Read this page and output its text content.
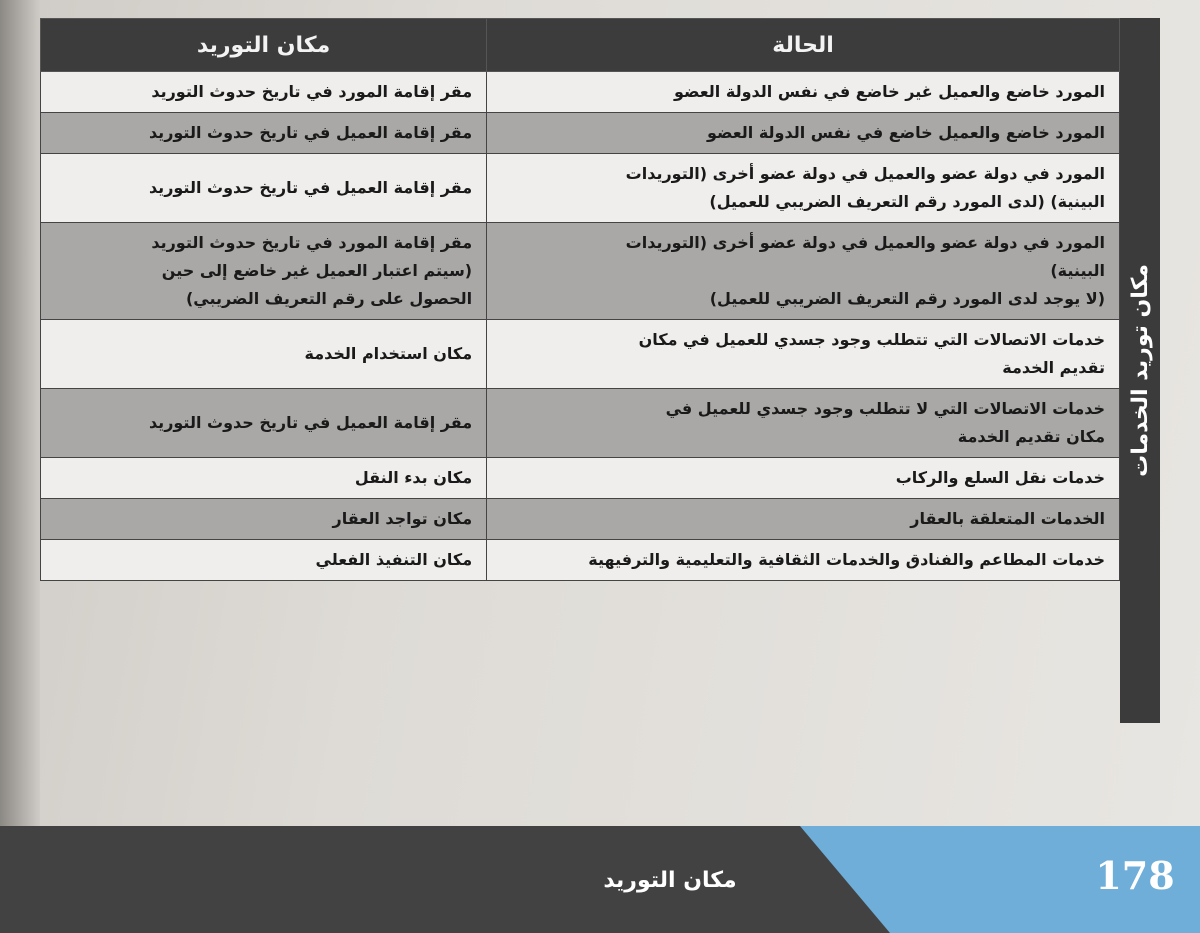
الحالة	مكان التوريد

المورد خاضع والعميل غير خاضع في نفس الدولة العضو	مقر إقامة المورد في تاريخ حدوث التوريد

المورد خاضع والعميل خاضع في نفس الدولة العضو	مقر إقامة العميل في تاريخ حدوث التوريد

المورد في دولة عضو والعميل في دولة عضو أخرى (التوريدات
البينية) (لدى المورد رقم التعريف الضريبي للعميل)	مقر إقامة العميل في تاريخ حدوث التوريد

المورد في دولة عضو والعميل في دولة عضو أخرى (التوريدات
البينية)
(لا يوجد لدى المورد رقم التعريف الضريبي للعميل)	مقر إقامة المورد في تاريخ حدوث التوريد
(سيتم اعتبار العميل غير خاضع إلى حين
الحصول على رقم التعريف الضريبي)

خدمات الاتصالات التي تتطلب وجود جسدي للعميل في مكان
تقديم الخدمة	مكان استخدام الخدمة

خدمات الاتصالات التي لا تتطلب وجود جسدي للعميل في
مكان تقديم الخدمة	مقر إقامة العميل في تاريخ حدوث التوريد

خدمات نقل السلع والركاب	مكان بدء النقل

الخدمات المتعلقة بالعقار	مكان تواجد العقار

خدمات المطاعم والفنادق والخدمات الثقافية والتعليمية والترفيهية	مكان التنفيذ الفعلي
مكان توريد الخدمات
مكان التوريد	178
